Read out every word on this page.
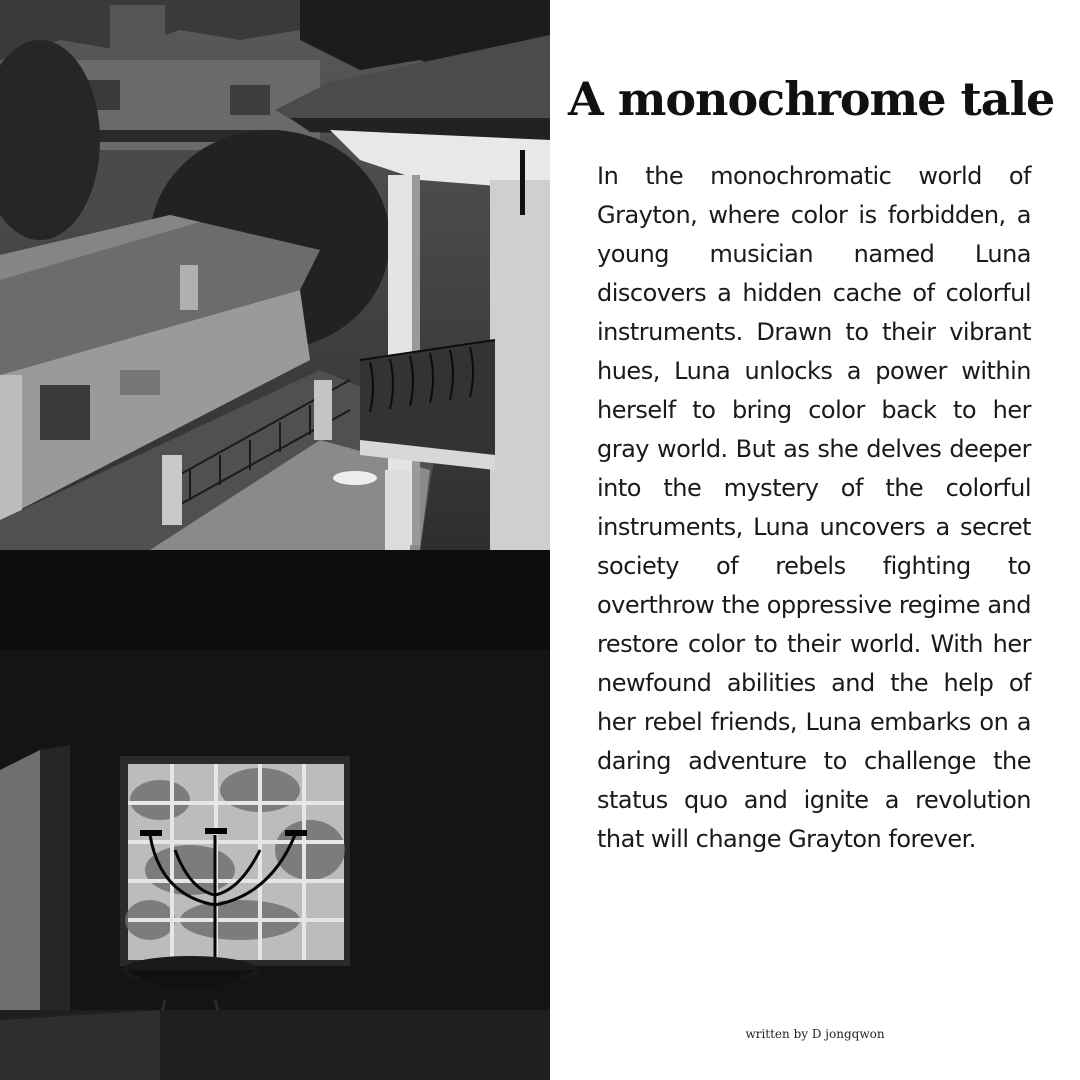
A monochrome tale

In the monochromatic world of Grayton, where color is forbidden, a young musician named Luna discovers a hidden cache of colorful instruments. Drawn to their vibrant hues, Luna unlocks a power within herself to bring color back to her gray world. But as she delves deeper into the mystery of the colorful instruments, Luna uncovers a secret society of rebels fighting to overthrow the oppressive regime and restore color to their world. With her newfound abilities and the help of her rebel friends, Luna embarks on a daring adventure to challenge the status quo and ignite a revolution that will change Grayton forever.

written by D jongqwon
